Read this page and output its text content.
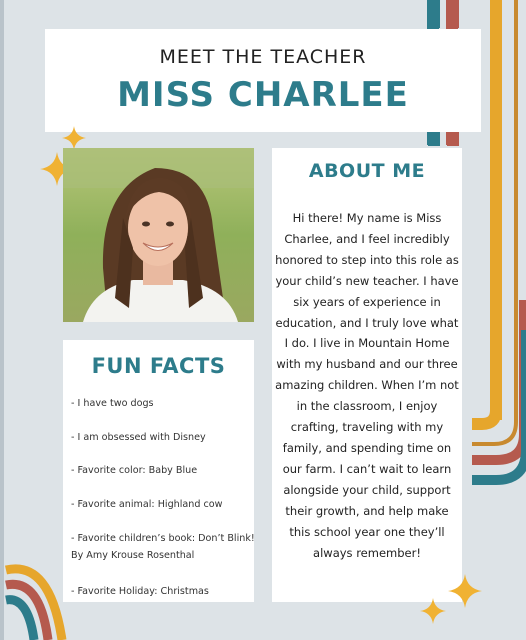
MEET THE TEACHER
MISS CHARLEE
FUN FACTS
- I have two dogs
- I am obsessed with Disney
- Favorite color: Baby Blue
- Favorite animal: Highland cow
- Favorite children’s book: Don’t Blink! By Amy Krouse Rosenthal
- Favorite Holiday: Christmas
ABOUT ME
Hi there! My name is Miss Charlee, and I feel incredibly honored to step into this role as your child’s new teacher. I have six years of experience in education, and I truly love what I do. I live in Mountain Home with my husband and our three amazing children. When I’m not in the classroom, I enjoy crafting, traveling with my family, and spending time on our farm. I can’t wait to learn alongside your child, support their growth, and help make this school year one they’ll always remember!
